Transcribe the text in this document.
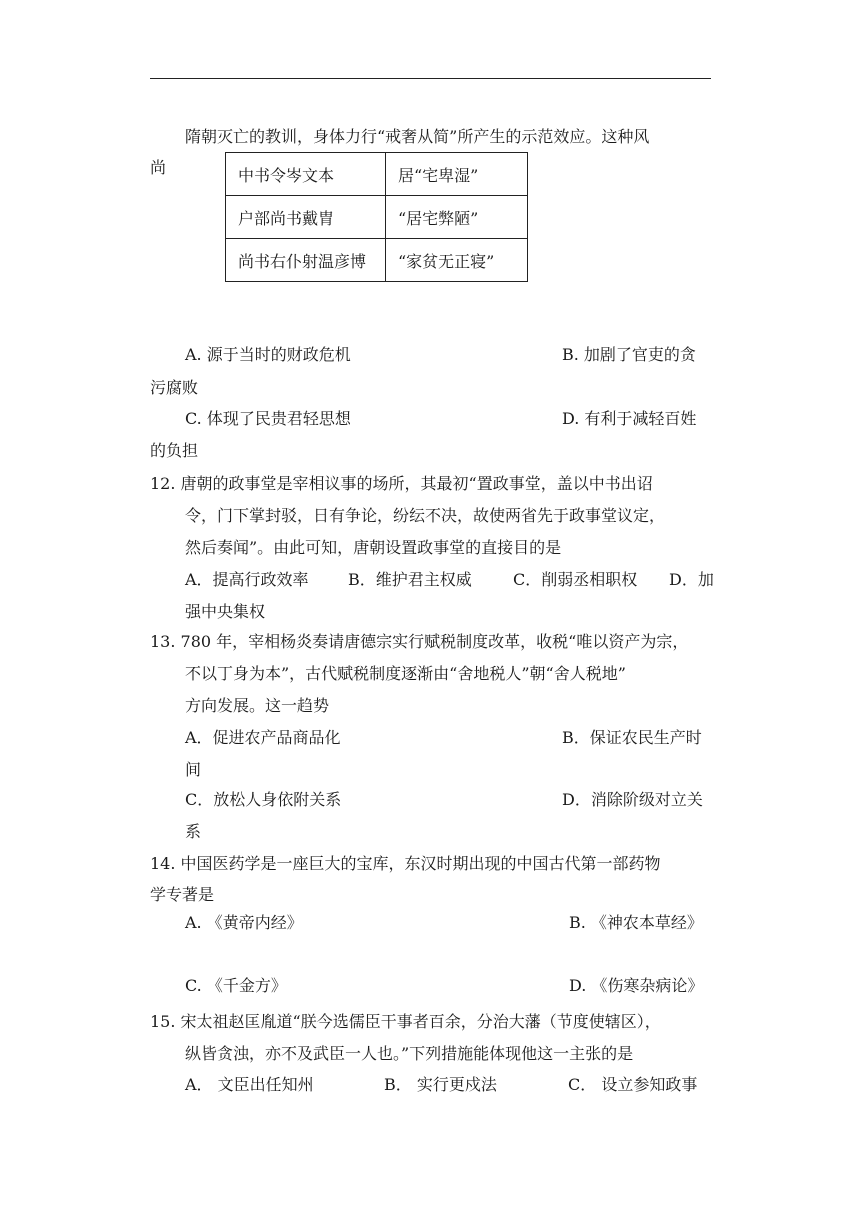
隋朝灭亡的教训，身体力行“戒奢从简”所产生的示范效应。这种风
尚	中书令岑文本	居“宅卑湿”
户部尚书戴胄	“居宅弊陋”
尚书右仆射温彦博	“家贫无正寝”
A. 源于当时的财政危机	B. 加剧了官吏的贪
污腐败
C. 体现了民贵君轻思想	D. 有利于减轻百姓
的负担
12. 唐朝的政事堂是宰相议事的场所，其最初“置政事堂，盖以中书出诏
令，门下掌封驳，日有争论，纷纭不决，故使两省先于政事堂议定，
然后奏闻”。由此可知，唐朝设置政事堂的直接目的是
A．提高行政效率 B．维护君主权威	C．削弱丞相职权 D．加
强中央集权
13. 780 年，宰相杨炎奏请唐德宗实行赋税制度改革，收税“唯以资产为宗，
不以丁身为本”，古代赋税制度逐渐由“舍地税人”朝“舍人税地”
方向发展。这一趋势
A．促进农产品商品化	B．保证农民生产时
间
C．放松人身依附关系	D．消除阶级对立关
系
14. 中国医药学是一座巨大的宝库，东汉时期出现的中国古代第一部药物
学专著是
A. 《黄帝内经》	B. 《神农本草经》
C. 《千金方》	D. 《伤寒杂病论》
15. 宋太祖赵匡胤道“朕今选儒臣干事者百余，分治大藩（节度使辖区），
纵皆贪浊，亦不及武臣一人也。”下列措施能体现他这一主张的是
A． 文臣出任知州	B． 实行更戍法	C． 设立参知政事
